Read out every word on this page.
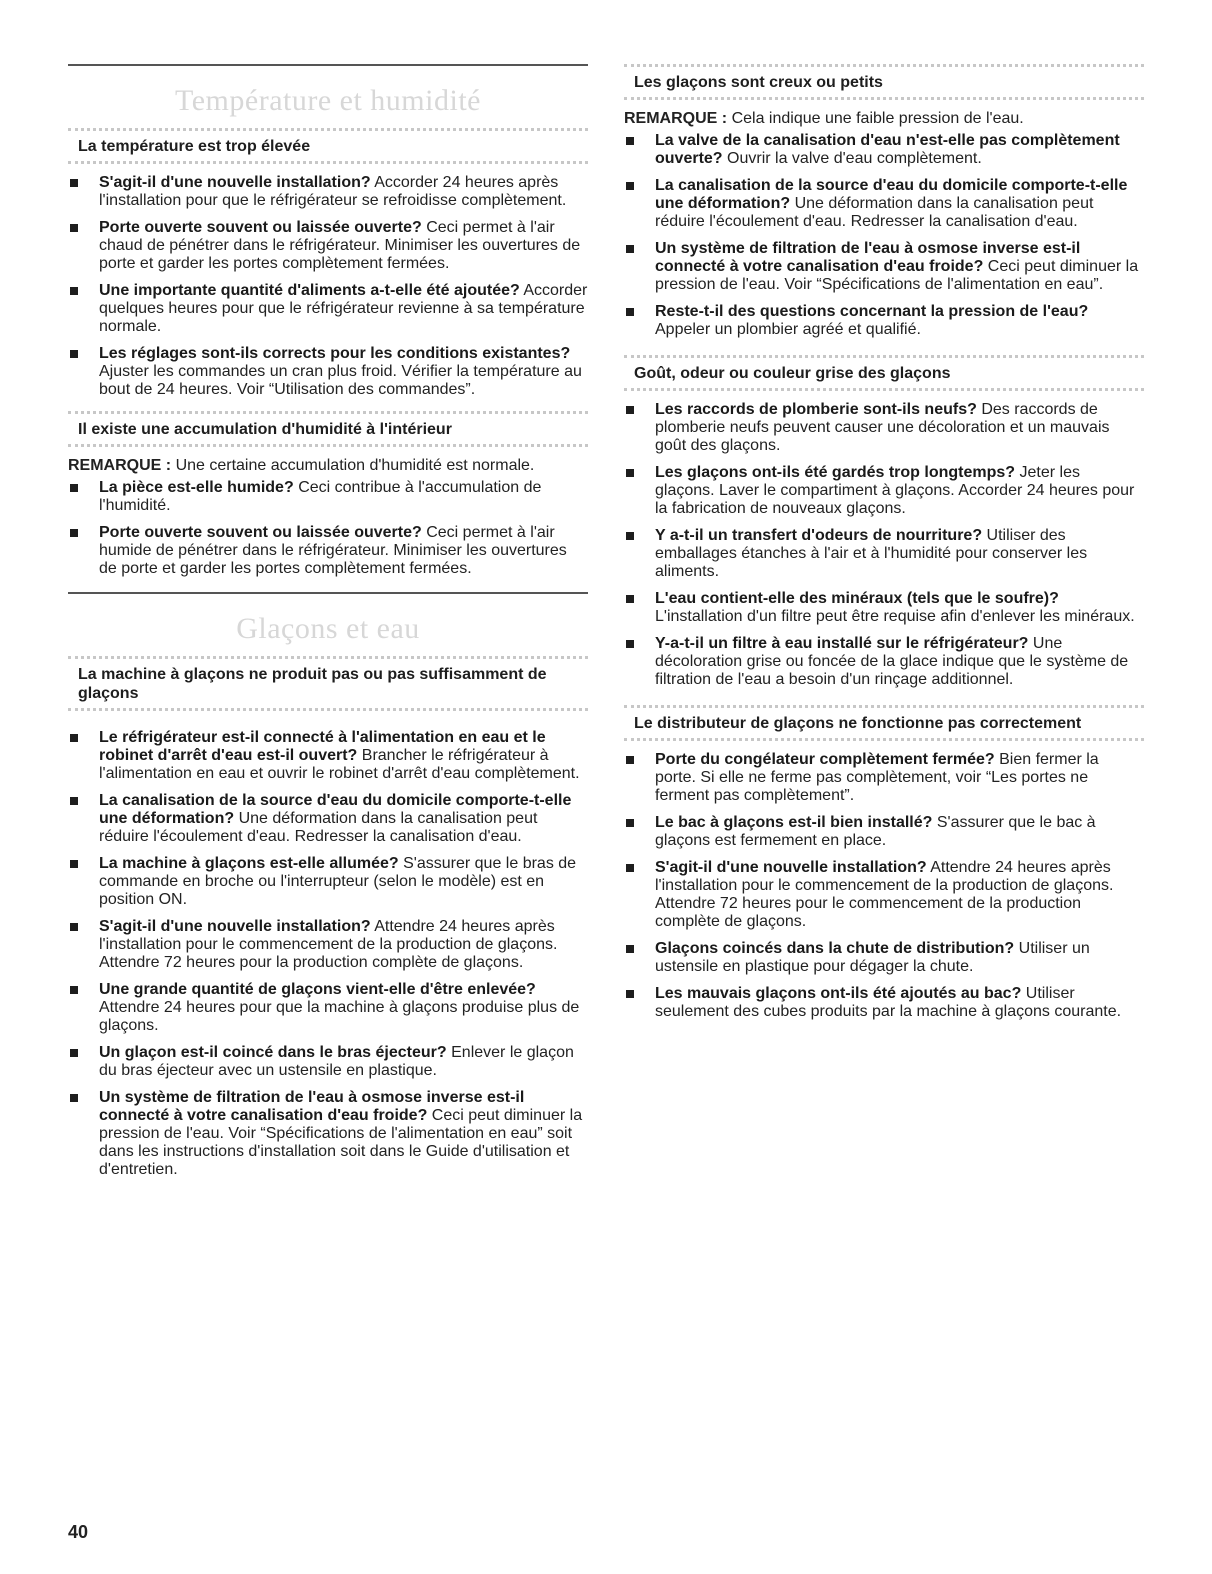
Température et humidité
La température est trop élevée
S'agit-il d'une nouvelle installation? Accorder 24 heures après l'installation pour que le réfrigérateur se refroidisse complètement.
Porte ouverte souvent ou laissée ouverte? Ceci permet à l'air chaud de pénétrer dans le réfrigérateur. Minimiser les ouvertures de porte et garder les portes complètement fermées.
Une importante quantité d'aliments a-t-elle été ajoutée? Accorder quelques heures pour que le réfrigérateur revienne à sa température normale.
Les réglages sont-ils corrects pour les conditions existantes? Ajuster les commandes un cran plus froid. Vérifier la température au bout de 24 heures. Voir “Utilisation des commandes”.
Il existe une accumulation d'humidité à l'intérieur
REMARQUE : Une certaine accumulation d'humidité est normale.
La pièce est-elle humide? Ceci contribue à l'accumulation de l'humidité.
Porte ouverte souvent ou laissée ouverte? Ceci permet à l'air humide de pénétrer dans le réfrigérateur. Minimiser les ouvertures de porte et garder les portes complètement fermées.
Glaçons et eau
La machine à glaçons ne produit pas ou pas suffisamment de glaçons
Le réfrigérateur est-il connecté à l'alimentation en eau et le robinet d'arrêt d'eau est-il ouvert? Brancher le réfrigérateur à l'alimentation en eau et ouvrir le robinet d'arrêt d'eau complètement.
La canalisation de la source d'eau du domicile comporte-t-elle une déformation? Une déformation dans la canalisation peut réduire l'écoulement d'eau. Redresser la canalisation d'eau.
La machine à glaçons est-elle allumée? S'assurer que le bras de commande en broche ou l'interrupteur (selon le modèle) est en position ON.
S'agit-il d'une nouvelle installation? Attendre 24 heures après l'installation pour le commencement de la production de glaçons. Attendre 72 heures pour la production complète de glaçons.
Une grande quantité de glaçons vient-elle d'être enlevée? Attendre 24 heures pour que la machine à glaçons produise plus de glaçons.
Un glaçon est-il coincé dans le bras éjecteur? Enlever le glaçon du bras éjecteur avec un ustensile en plastique.
Un système de filtration de l'eau à osmose inverse est-il connecté à votre canalisation d'eau froide? Ceci peut diminuer la pression de l'eau. Voir “Spécifications de l'alimentation en eau” soit dans les instructions d'installation soit dans le Guide d'utilisation et d'entretien.
Les glaçons sont creux ou petits
REMARQUE : Cela indique une faible pression de l'eau.
La valve de la canalisation d'eau n'est-elle pas complètement ouverte? Ouvrir la valve d'eau complètement.
La canalisation de la source d'eau du domicile comporte-t-elle une déformation? Une déformation dans la canalisation peut réduire l'écoulement d'eau. Redresser la canalisation d'eau.
Un système de filtration de l'eau à osmose inverse est-il connecté à votre canalisation d'eau froide? Ceci peut diminuer la pression de l'eau. Voir “Spécifications de l'alimentation en eau”.
Reste-t-il des questions concernant la pression de l'eau? Appeler un plombier agréé et qualifié.
Goût, odeur ou couleur grise des glaçons
Les raccords de plomberie sont-ils neufs? Des raccords de plomberie neufs peuvent causer une décoloration et un mauvais goût des glaçons.
Les glaçons ont-ils été gardés trop longtemps? Jeter les glaçons. Laver le compartiment à glaçons. Accorder 24 heures pour la fabrication de nouveaux glaçons.
Y a-t-il un transfert d'odeurs de nourriture? Utiliser des emballages étanches à l'air et à l'humidité pour conserver les aliments.
L'eau contient-elle des minéraux (tels que le soufre)? L'installation d'un filtre peut être requise afin d'enlever les minéraux.
Y-a-t-il un filtre à eau installé sur le réfrigérateur? Une décoloration grise ou foncée de la glace indique que le système de filtration de l'eau a besoin d'un rinçage additionnel.
Le distributeur de glaçons ne fonctionne pas correctement
Porte du congélateur complètement fermée? Bien fermer la porte. Si elle ne ferme pas complètement, voir “Les portes ne ferment pas complètement”.
Le bac à glaçons est-il bien installé? S'assurer que le bac à glaçons est fermement en place.
S'agit-il d'une nouvelle installation? Attendre 24 heures après l'installation pour le commencement de la production de glaçons. Attendre 72 heures pour le commencement de la production complète de glaçons.
Glaçons coincés dans la chute de distribution? Utiliser un ustensile en plastique pour dégager la chute.
Les mauvais glaçons ont-ils été ajoutés au bac? Utiliser seulement des cubes produits par la machine à glaçons courante.
40
